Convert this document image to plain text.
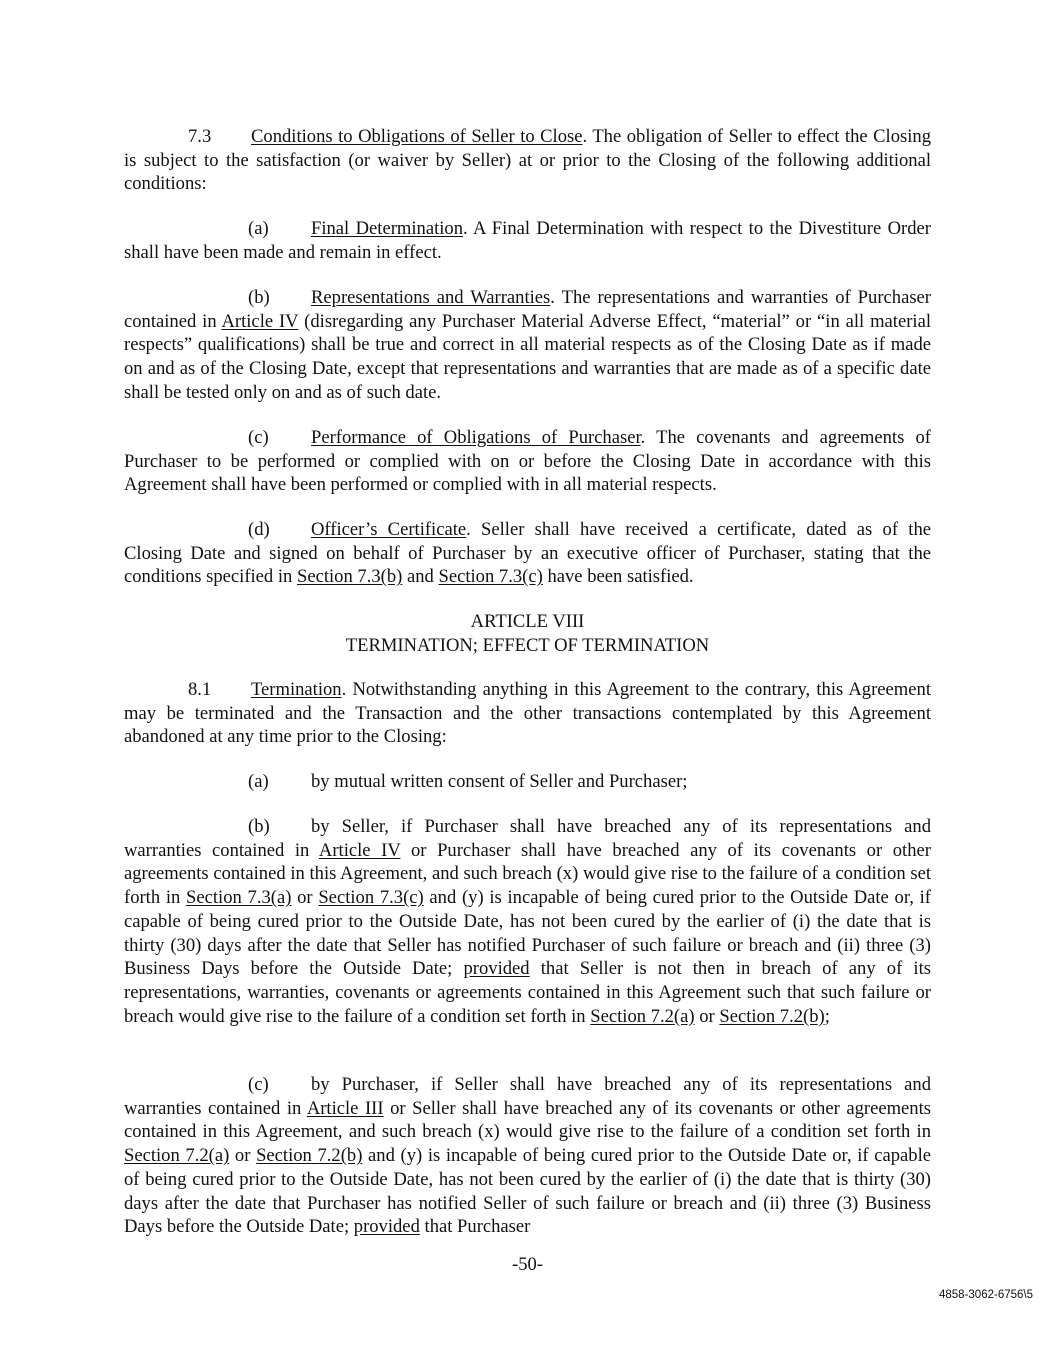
7.3 Conditions to Obligations of Seller to Close. The obligation of Seller to effect the Closing is subject to the satisfaction (or waiver by Seller) at or prior to the Closing of the following additional conditions:

(a) Final Determination. A Final Determination with respect to the Divestiture Order shall have been made and remain in effect.

(b) Representations and Warranties. The representations and warranties of Purchaser contained in Article IV (disregarding any Purchaser Material Adverse Effect, “material” or “in all material respects” qualifications) shall be true and correct in all material respects as of the Closing Date as if made on and as of the Closing Date, except that representations and warranties that are made as of a specific date shall be tested only on and as of such date.

(c) Performance of Obligations of Purchaser. The covenants and agreements of Purchaser to be performed or complied with on or before the Closing Date in accordance with this Agreement shall have been performed or complied with in all material respects.

(d) Officer’s Certificate. Seller shall have received a certificate, dated as of the Closing Date and signed on behalf of Purchaser by an executive officer of Purchaser, stating that the conditions specified in Section 7.3(b) and Section 7.3(c) have been satisfied.

ARTICLE VIII
TERMINATION; EFFECT OF TERMINATION

8.1 Termination. Notwithstanding anything in this Agreement to the contrary, this Agreement may be terminated and the Transaction and the other transactions contemplated by this Agreement abandoned at any time prior to the Closing:

(a) by mutual written consent of Seller and Purchaser;

(b) by Seller, if Purchaser shall have breached any of its representations and warranties contained in Article IV or Purchaser shall have breached any of its covenants or other agreements contained in this Agreement, and such breach (x) would give rise to the failure of a condition set forth in Section 7.3(a) or Section 7.3(c) and (y) is incapable of being cured prior to the Outside Date or, if capable of being cured prior to the Outside Date, has not been cured by the earlier of (i) the date that is thirty (30) days after the date that Seller has notified Purchaser of such failure or breach and (ii) three (3) Business Days before the Outside Date; provided that Seller is not then in breach of any of its representations, warranties, covenants or agreements contained in this Agreement such that such failure or breach would give rise to the failure of a condition set forth in Section 7.2(a) or Section 7.2(b);

(c) by Purchaser, if Seller shall have breached any of its representations and warranties contained in Article III or Seller shall have breached any of its covenants or other agreements contained in this Agreement, and such breach (x) would give rise to the failure of a condition set forth in Section 7.2(a) or Section 7.2(b) and (y) is incapable of being cured prior to the Outside Date or, if capable of being cured prior to the Outside Date, has not been cured by the earlier of (i) the date that is thirty (30) days after the date that Purchaser has notified Seller of such failure or breach and (ii) three (3) Business Days before the Outside Date; provided that Purchaser

-50-
4858-3062-6756\5
